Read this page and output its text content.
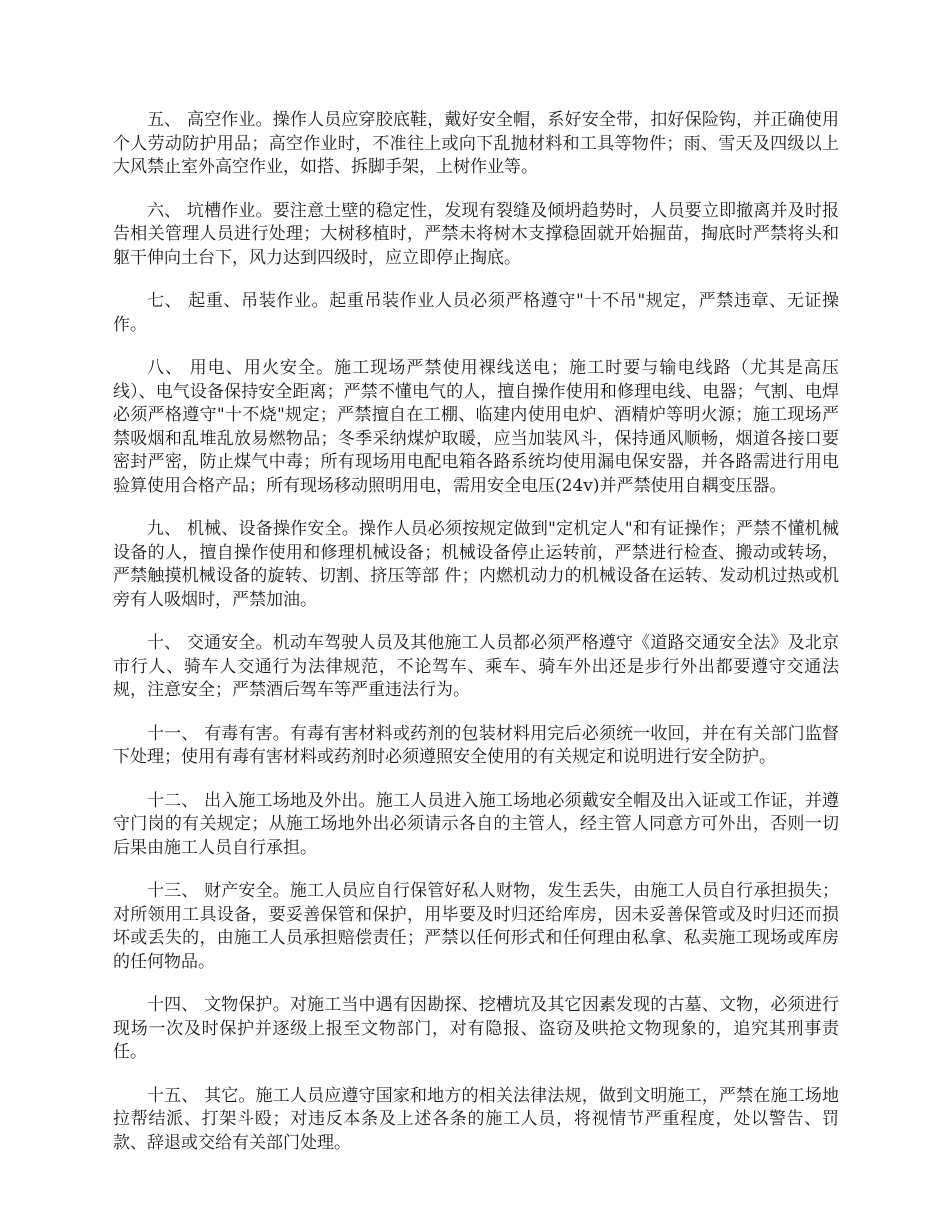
五、 高空作业。操作人员应穿胶底鞋，戴好安全帽，系好安全带，扣好保险钩，并正确使用个人劳动防护用品；高空作业时，不准往上或向下乱抛材料和工具等物件；雨、雪天及四级以上大风禁止室外高空作业，如搭、拆脚手架，上树作业等。

六、 坑槽作业。要注意土壁的稳定性，发现有裂缝及倾坍趋势时，人员要立即撤离并及时报告相关管理人员进行处理；大树移植时，严禁未将树木支撑稳固就开始掘苗，掏底时严禁将头和躯干伸向土台下，风力达到四级时，应立即停止掏底。

七、 起重、吊装作业。起重吊装作业人员必须严格遵守"十不吊"规定，严禁违章、无证操作。

八、 用电、用火安全。施工现场严禁使用裸线送电；施工时要与输电线路（尤其是高压线）、电气设备保持安全距离；严禁不懂电气的人，擅自操作使用和修理电线、电器；气割、电焊必须严格遵守"十不烧"规定；严禁擅自在工棚、临建内使用电炉、酒精炉等明火源；施工现场严禁吸烟和乱堆乱放易燃物品；冬季采纳煤炉取暖，应当加装风斗，保持通风顺畅，烟道各接口要密封严密，防止煤气中毒；所有现场用电配电箱各路系统均使用漏电保安器，并各路需进行用电验算使用合格产品；所有现场移动照明用电，需用安全电压(24v)并严禁使用自耦变压器。

九、 机械、设备操作安全。操作人员必须按规定做到"定机定人"和有证操作；严禁不懂机械设备的人，擅自操作使用和修理机械设备；机械设备停止运转前，严禁进行检查、搬动或转场，严禁触摸机械设备的旋转、切割、挤压等部 件；内燃机动力的机械设备在运转、发动机过热或机旁有人吸烟时，严禁加油。

十、 交通安全。机动车驾驶人员及其他施工人员都必须严格遵守《道路交通安全法》及北京市行人、骑车人交通行为法律规范，不论驾车、乘车、骑车外出还是步行外出都要遵守交通法规，注意安全；严禁酒后驾车等严重违法行为。

十一、 有毒有害。有毒有害材料或药剂的包装材料用完后必须统一收回，并在有关部门监督下处理；使用有毒有害材料或药剂时必须遵照安全使用的有关规定和说明进行安全防护。

十二、 出入施工场地及外出。施工人员进入施工场地必须戴安全帽及出入证或工作证，并遵守门岗的有关规定；从施工场地外出必须请示各自的主管人，经主管人同意方可外出，否则一切后果由施工人员自行承担。

十三、 财产安全。施工人员应自行保管好私人财物，发生丢失，由施工人员自行承担损失；对所领用工具设备，要妥善保管和保护，用毕要及时归还给库房，因未妥善保管或及时归还而损坏或丢失的，由施工人员承担赔偿责任；严禁以任何形式和任何理由私拿、私卖施工现场或库房的任何物品。

十四、 文物保护。对施工当中遇有因勘探、挖槽坑及其它因素发现的古墓、文物，必须进行现场一次及时保护并逐级上报至文物部门，对有隐报、盗窃及哄抢文物现象的，追究其刑事责任。

十五、 其它。施工人员应遵守国家和地方的相关法律法规，做到文明施工，严禁在施工场地拉帮结派、打架斗殴；对违反本条及上述各条的施工人员，将视情节严重程度，处以警告、罚款、辞退或交给有关部门处理。
